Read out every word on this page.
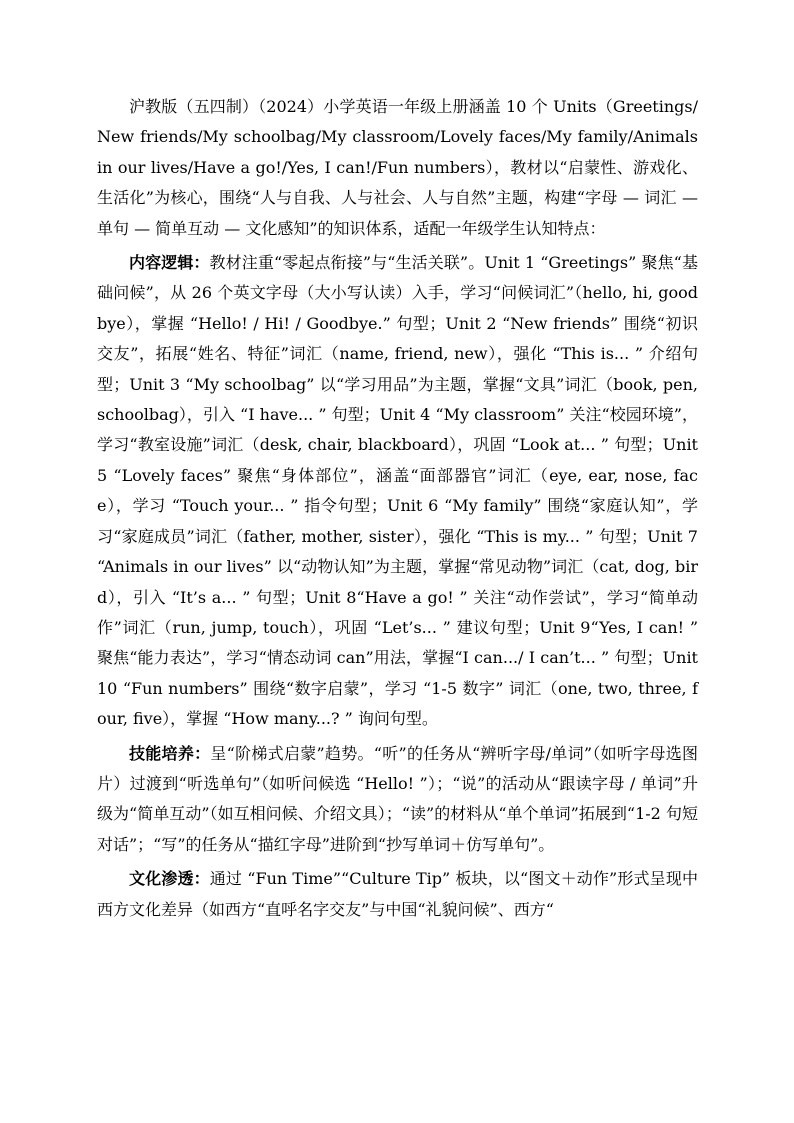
沪教版（五四制）（2024）小学英语一年级上册涵盖 10 个 Units（Greetings/New friends/My schoolbag/My classroom/Lovely faces/My family/Animals in our lives/Have a go!/Yes, I can!/Fun numbers），教材以“启蒙性、游戏化、生活化”为核心，围绕“人与自我、人与社会、人与自然”主题，构建“字母 — 词汇 — 单句 — 简单互动 — 文化感知”的知识体系，适配一年级学生认知特点：

内容逻辑：教材注重“零起点衔接”与“生活关联”。Unit 1 “Greetings” 聚焦“基础问候”，从 26 个英文字母（大小写认读）入手，学习“问候词汇”（hello, hi, goodbye），掌握 “Hello! / Hi! / Goodbye.” 句型；Unit 2 “New friends” 围绕“初识交友”，拓展“姓名、特征”词汇（name, friend, new），强化 “This is... ” 介绍句型；Unit 3 “My schoolbag” 以“学习用品”为主题，掌握“文具”词汇（book, pen, schoolbag），引入 “I have... ” 句型；Unit 4 “My classroom” 关注“校园环境”，学习“教室设施”词汇（desk, chair, blackboard），巩固 “Look at... ” 句型；Unit 5 “Lovely faces” 聚焦“身体部位”，涵盖“面部器官”词汇（eye, ear, nose, face），学习 “Touch your... ” 指令句型；Unit 6 “My family” 围绕“家庭认知”，学习“家庭成员”词汇（father, mother, sister），强化 “This is my... ” 句型；Unit 7 “Animals in our lives” 以“动物认知”为主题，掌握“常见动物”词汇（cat, dog, bird），引入 “It’s a... ” 句型；Unit 8“Have a go! ” 关注“动作尝试”，学习“简单动作”词汇（run, jump, touch），巩固 “Let’s... ” 建议句型；Unit 9“Yes, I can! ” 聚焦“能力表达”，学习“情态动词 can”用法，掌握“I can.../ I can’t... ” 句型；Unit 10 “Fun numbers” 围绕“数字启蒙”，学习 “1-5 数字” 词汇（one, two, three, four, five），掌握 “How many...? ” 询问句型。

技能培养：呈“阶梯式启蒙”趋势。“听”的任务从“辨听字母/单词”（如听字母选图片）过渡到“听选单句”（如听问候选 “Hello! ”）；“说”的活动从“跟读字母 / 单词”升级为“简单互动”（如互相问候、介绍文具）；“读”的材料从“单个单词”拓展到“1-2 句短对话”；“写”的任务从“描红字母”进阶到“抄写单词＋仿写单句”。

文化渗透：通过 “Fun Time”“Culture Tip” 板块，以“图文＋动作”形式呈现中西方文化差异（如西方“直呼名字交友”与中国“礼貌问候”、西方“
